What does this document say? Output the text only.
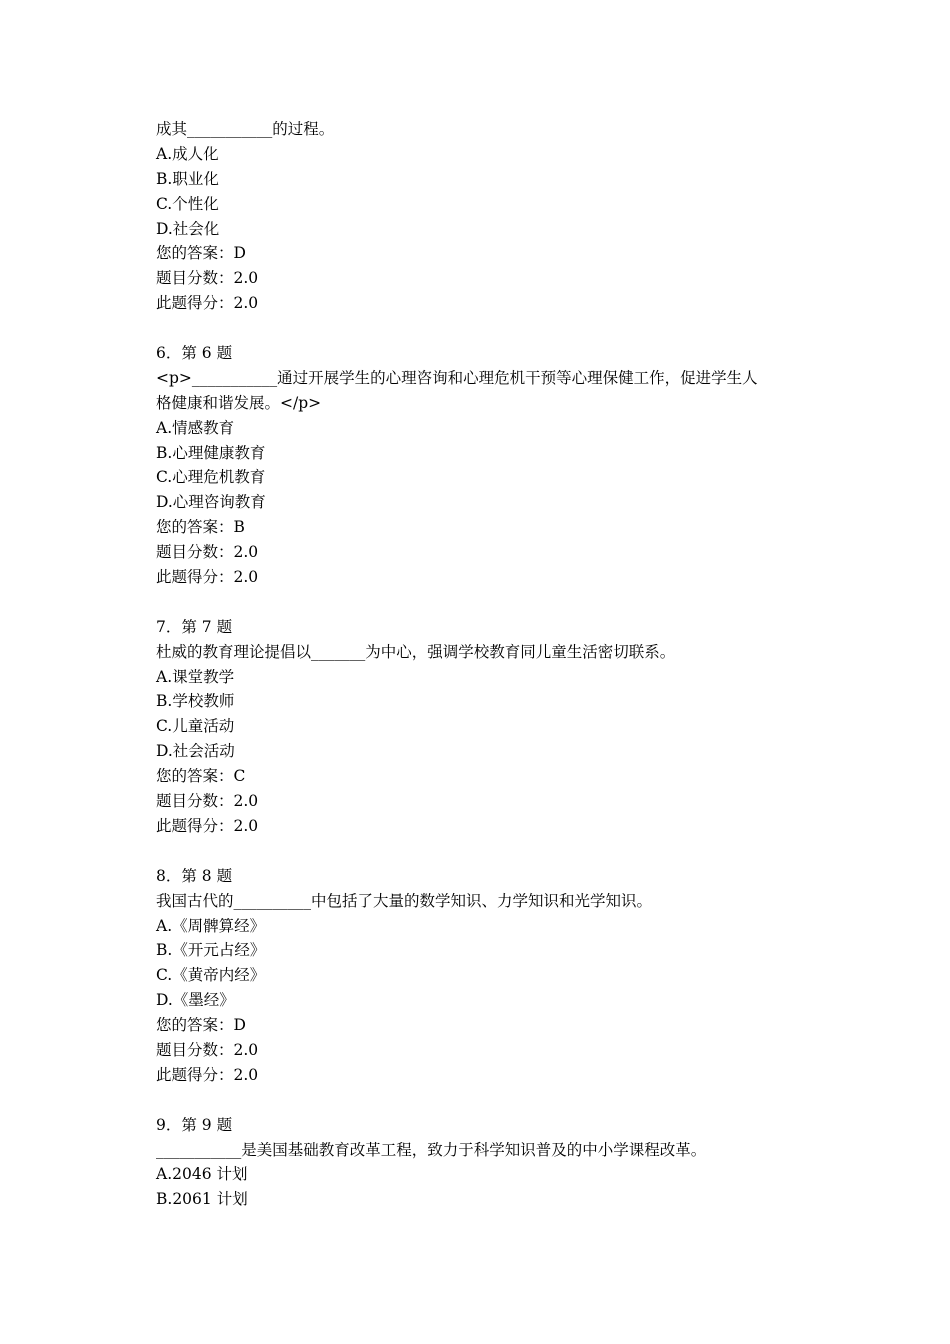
成其___________的过程。
A.成人化
B.职业化
C.个性化
D.社会化
您的答案：D
题目分数：2.0
此题得分：2.0
6．第 6 题
<p>___________通过开展学生的心理咨询和心理危机干预等心理保健工作，促进学生人
格健康和谐发展。</p>
A.情感教育
B.心理健康教育
C.心理危机教育
D.心理咨询教育
您的答案：B
题目分数：2.0
此题得分：2.0
7．第 7 题
杜威的教育理论提倡以_______为中心，强调学校教育同儿童生活密切联系。
A.课堂教学
B.学校教师
C.儿童活动
D.社会活动
您的答案：C
题目分数：2.0
此题得分：2.0
8．第 8 题
我国古代的__________中包括了大量的数学知识、力学知识和光学知识。
A.《周髀算经》
B.《开元占经》
C.《黄帝内经》
D.《墨经》
您的答案：D
题目分数：2.0
此题得分：2.0
9．第 9 题
___________是美国基础教育改革工程，致力于科学知识普及的中小学课程改革。
A.2046 计划
B.2061 计划
